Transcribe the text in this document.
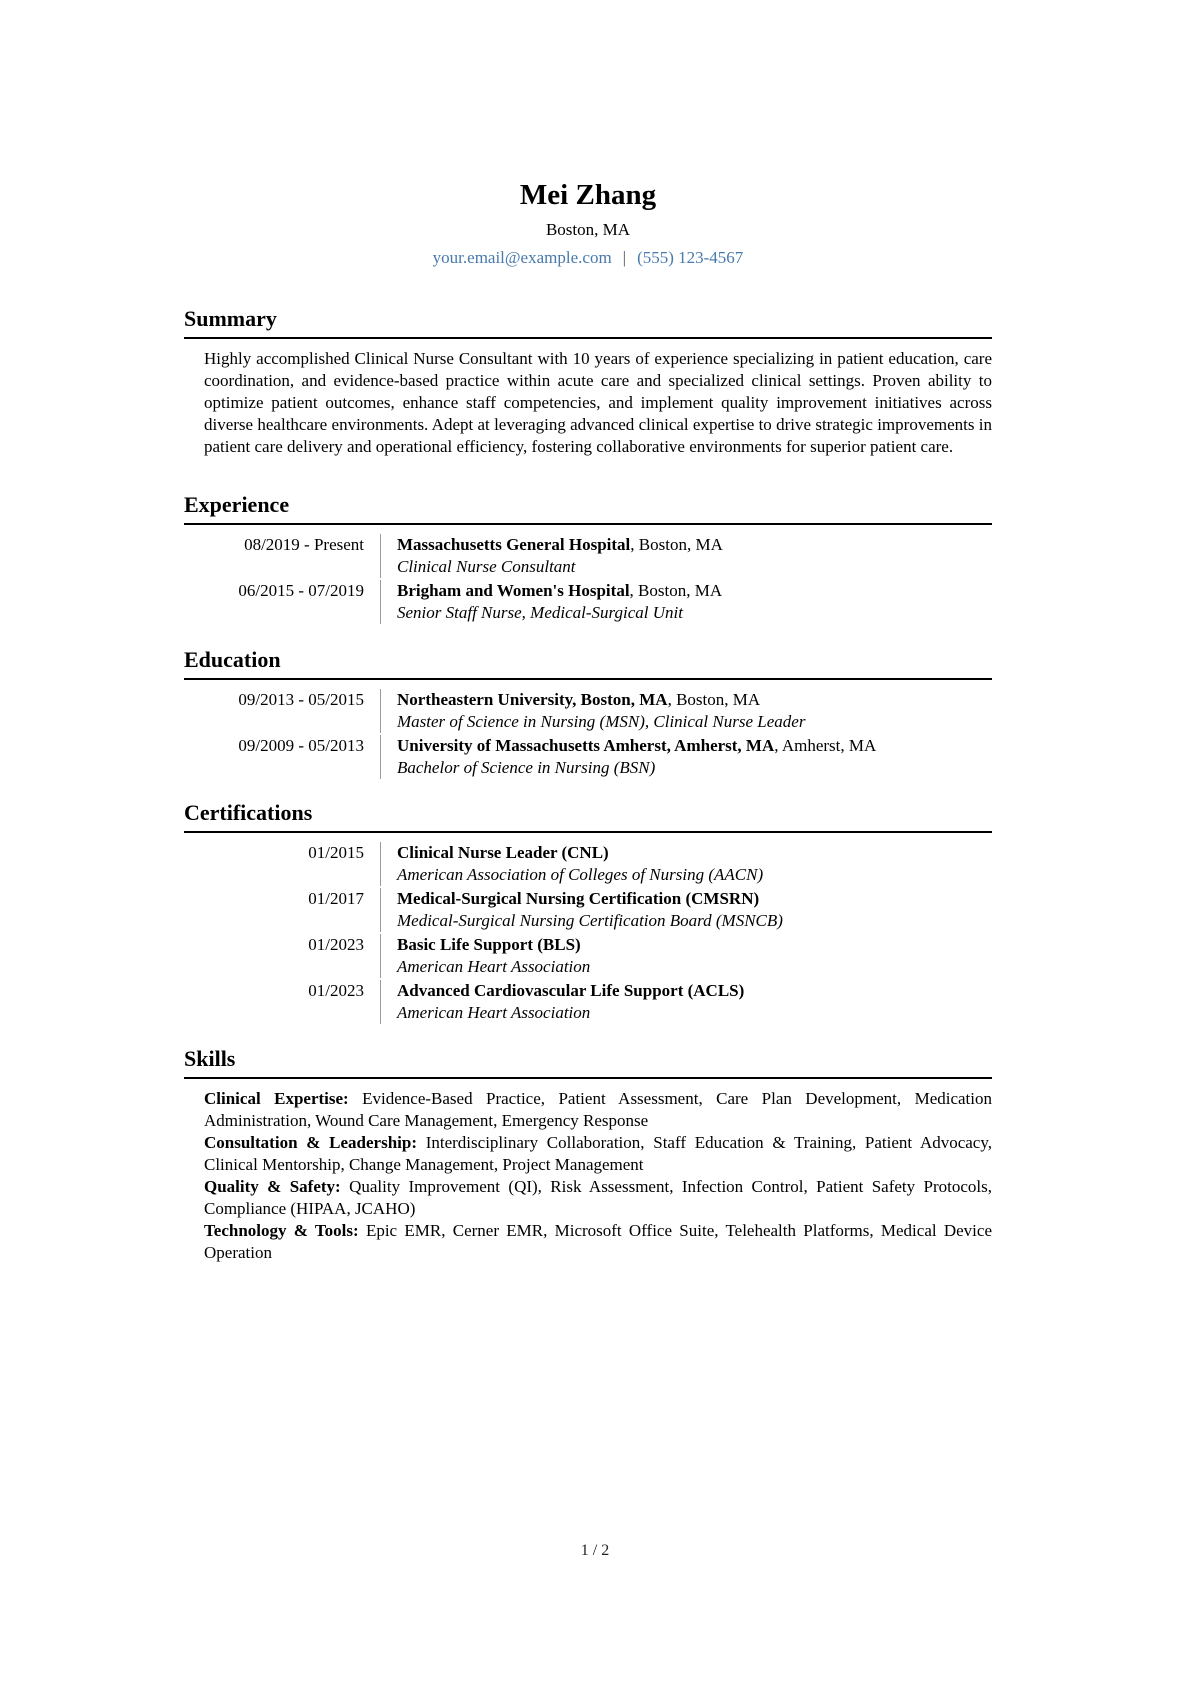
Mei Zhang
Boston, MA
your.email@example.com | (555) 123-4567
Summary

Highly accomplished Clinical Nurse Consultant with 10 years of experience specializing in patient education, care coordination, and evidence-based practice within acute care and specialized clinical settings. Proven ability to optimize patient outcomes, enhance staff competencies, and implement quality improvement initiatives across diverse healthcare environments. Adept at leveraging advanced clinical expertise to drive strategic improvements in patient care delivery and operational efficiency, fostering collaborative environments for superior patient care.

Experience
08/2019 - Present	Massachusetts General Hospital, Boston, MA
Clinical Nurse Consultant
06/2015 - 07/2019	Brigham and Women's Hospital, Boston, MA
Senior Staff Nurse, Medical-Surgical Unit
Education
09/2013 - 05/2015	Northeastern University, Boston, MA, Boston, MA
Master of Science in Nursing (MSN), Clinical Nurse Leader
09/2009 - 05/2013	University of Massachusetts Amherst, Amherst, MA, Amherst, MA
Bachelor of Science in Nursing (BSN)
Certifications
01/2015	Clinical Nurse Leader (CNL)
American Association of Colleges of Nursing (AACN)
01/2017	Medical-Surgical Nursing Certification (CMSRN)
Medical-Surgical Nursing Certification Board (MSNCB)
01/2023	Basic Life Support (BLS)
American Heart Association
01/2023	Advanced Cardiovascular Life Support (ACLS)
American Heart Association
Skills

Clinical Expertise: Evidence-Based Practice, Patient Assessment, Care Plan Development, Medication Administration, Wound Care Management, Emergency Response

Consultation & Leadership: Interdisciplinary Collaboration, Staff Education & Training, Patient Advocacy, Clinical Mentorship, Change Management, Project Management

Quality & Safety: Quality Improvement (QI), Risk Assessment, Infection Control, Patient Safety Protocols, Compliance (HIPAA, JCAHO)

Technology & Tools: Epic EMR, Cerner EMR, Microsoft Office Suite, Telehealth Platforms, Medical Device Operation

1 / 2
